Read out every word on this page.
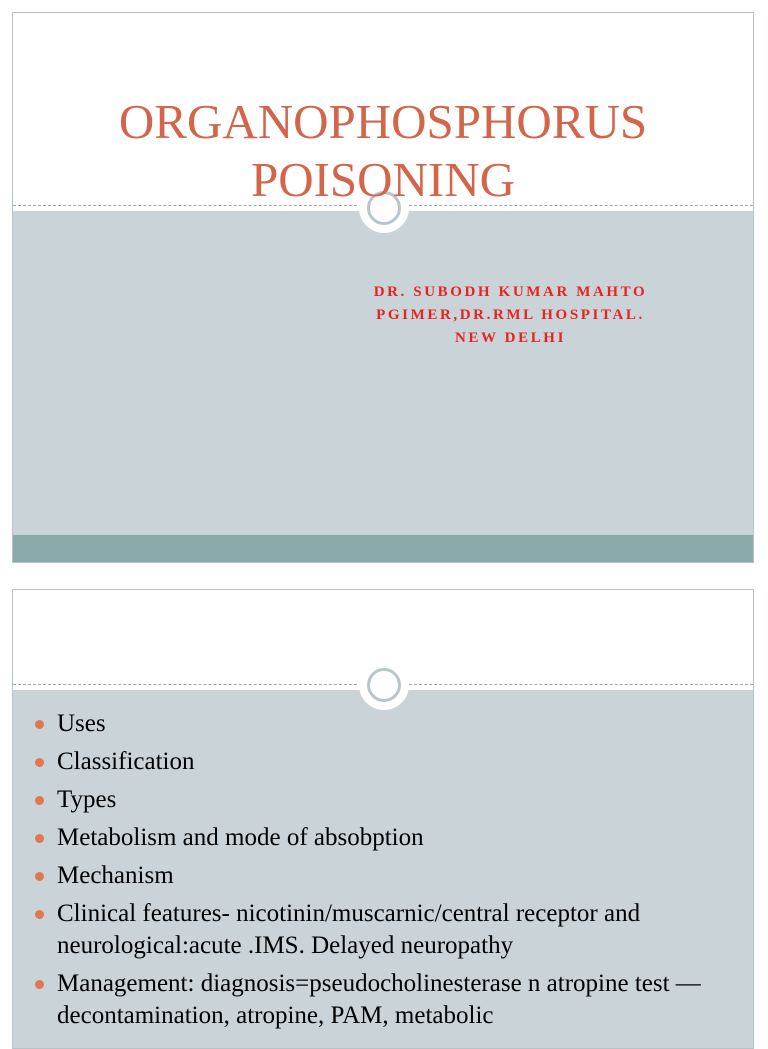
ORGANOPHOSPHORUS POISONING
DR. SUBODH KUMAR MAHTO
PGIMER,DR.RML HOSPITAL.
NEW DELHI
Uses
Classification
Types
Metabolism and mode of absobption
Mechanism
Clinical features- nicotinin/muscarnic/central receptor and neurological:acute .IMS. Delayed neuropathy
Management: diagnosis=pseudocholinesterase n atropine test —decontamination, atropine, PAM, metabolic
